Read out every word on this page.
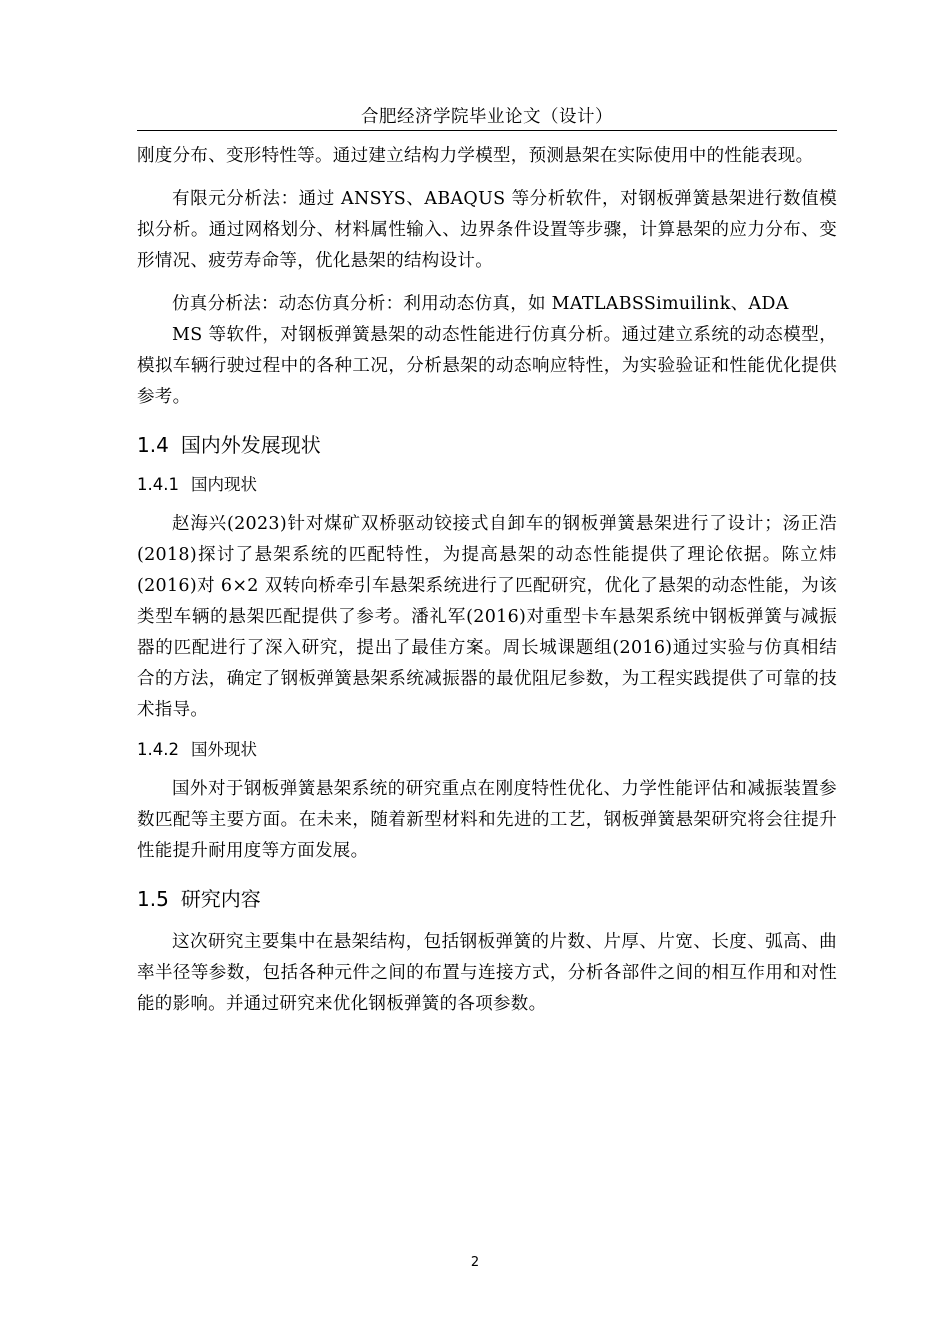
合肥经济学院毕业论文（设计）

刚度分布、变形特性等。通过建立结构力学模型，预测悬架在实际使用中的性能表现。

有限元分析法：通过 ANSYS、ABAQUS 等分析软件，对钢板弹簧悬架进行数值模拟分析。通过网格划分、材料属性输入、边界条件设置等步骤，计算悬架的应力分布、变形情况、疲劳寿命等，优化悬架的结构设计。

仿真分析法：动态仿真分析：利用动态仿真，如 MATLABSSimuilink、ADA

MS 等软件，对钢板弹簧悬架的动态性能进行仿真分析。通过建立系统的动态模型，模拟车辆行驶过程中的各种工况，分析悬架的动态响应特性，为实验验证和性能优化提供参考。

1.4 国内外发展现状
1.4.1 国内现状

赵海兴(2023)针对煤矿双桥驱动铰接式自卸车的钢板弹簧悬架进行了设计；汤正浩(2018)探讨了悬架系统的匹配特性，为提高悬架的动态性能提供了理论依据。陈立炜(2016)对 6×2 双转向桥牵引车悬架系统进行了匹配研究，优化了悬架的动态性能，为该类型车辆的悬架匹配提供了参考。潘礼军(2016)对重型卡车悬架系统中钢板弹簧与减振器的匹配进行了深入研究，提出了最佳方案。周长城课题组(2016)通过实验与仿真相结合的方法，确定了钢板弹簧悬架系统减振器的最优阻尼参数，为工程实践提供了可靠的技术指导。

1.4.2 国外现状

国外对于钢板弹簧悬架系统的研究重点在刚度特性优化、力学性能评估和减振装置参数匹配等主要方面。在未来，随着新型材料和先进的工艺，钢板弹簧悬架研究将会往提升性能提升耐用度等方面发展。

1.5 研究内容

这次研究主要集中在悬架结构，包括钢板弹簧的片数、片厚、片宽、长度、弧高、曲率半径等参数，包括各种元件之间的布置与连接方式，分析各部件之间的相互作用和对性能的影响。并通过研究来优化钢板弹簧的各项参数。

2
